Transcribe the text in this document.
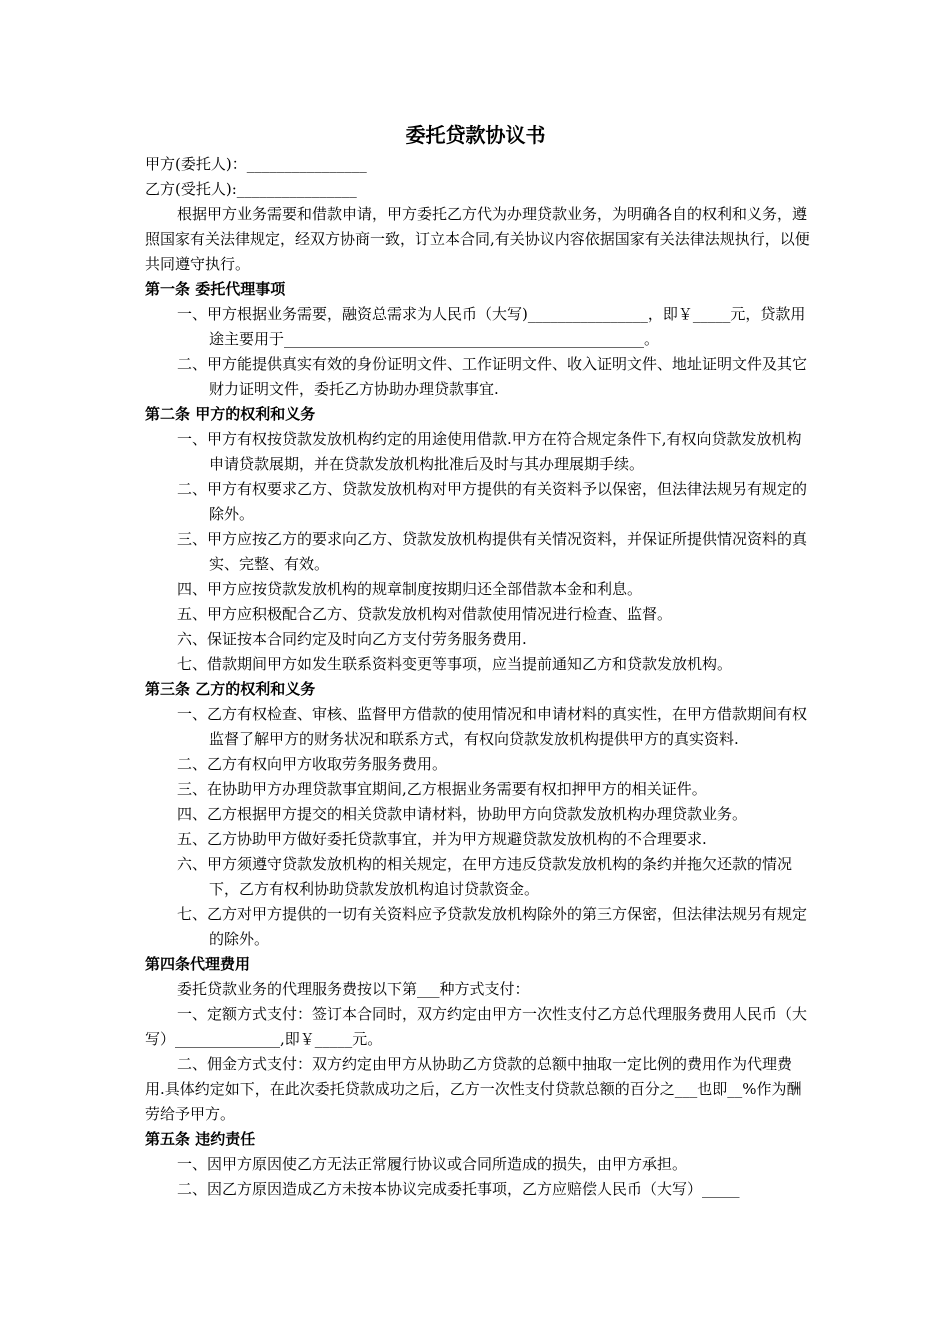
委托贷款协议书
甲方(委托人)：________________
乙方(受托人):________________

根据甲方业务需要和借款申请，甲方委托乙方代为办理贷款业务，为明确各自的权利和义务，遵照国家有关法律规定，经双方协商一致，订立本合同,有关协议内容依据国家有关法律法规执行，以便共同遵守执行。

第一条 委托代理事项

一、甲方根据业务需要，融资总需求为人民币（大写)________________，即￥_____元，贷款用途主要用于________________________________________________。

二、甲方能提供真实有效的身份证明文件、工作证明文件、收入证明文件、地址证明文件及其它财力证明文件，委托乙方协助办理贷款事宜.

第二条 甲方的权利和义务

一、甲方有权按贷款发放机构约定的用途使用借款.甲方在符合规定条件下,有权向贷款发放机构申请贷款展期，并在贷款发放机构批准后及时与其办理展期手续。

二、甲方有权要求乙方、贷款发放机构对甲方提供的有关资料予以保密，但法律法规另有规定的除外。

三、甲方应按乙方的要求向乙方、贷款发放机构提供有关情况资料，并保证所提供情况资料的真实、完整、有效。

四、甲方应按贷款发放机构的规章制度按期归还全部借款本金和利息。

五、甲方应积极配合乙方、贷款发放机构对借款使用情况进行检查、监督。

六、保证按本合同约定及时向乙方支付劳务服务费用.

七、借款期间甲方如发生联系资料变更等事项，应当提前通知乙方和贷款发放机构。

第三条 乙方的权利和义务

一、乙方有权检查、审核、监督甲方借款的使用情况和申请材料的真实性，在甲方借款期间有权监督了解甲方的财务状况和联系方式，有权向贷款发放机构提供甲方的真实资料.

二、乙方有权向甲方收取劳务服务费用。

三、在协助甲方办理贷款事宜期间,乙方根据业务需要有权扣押甲方的相关证件。

四、乙方根据甲方提交的相关贷款申请材料，协助甲方向贷款发放机构办理贷款业务。

五、乙方协助甲方做好委托贷款事宜，并为甲方规避贷款发放机构的不合理要求.

六、甲方须遵守贷款发放机构的相关规定，在甲方违反贷款发放机构的条约并拖欠还款的情况下，乙方有权利协助贷款发放机构追讨贷款资金。

七、乙方对甲方提供的一切有关资料应予贷款发放机构除外的第三方保密，但法律法规另有规定的除外。

第四条代理费用

委托贷款业务的代理服务费按以下第___种方式支付：

一、定额方式支付：签订本合同时，双方约定由甲方一次性支付乙方总代理服务费用人民币（大写）______________,即￥_____元。

二、佣金方式支付：双方约定由甲方从协助乙方贷款的总额中抽取一定比例的费用作为代理费用.具体约定如下，在此次委托贷款成功之后，乙方一次性支付贷款总额的百分之___也即__%作为酬劳给予甲方。

第五条 违约责任

一、因甲方原因使乙方无法正常履行协议或合同所造成的损失，由甲方承担。

二、因乙方原因造成乙方未按本协议完成委托事项，乙方应赔偿人民币（大写）_____
